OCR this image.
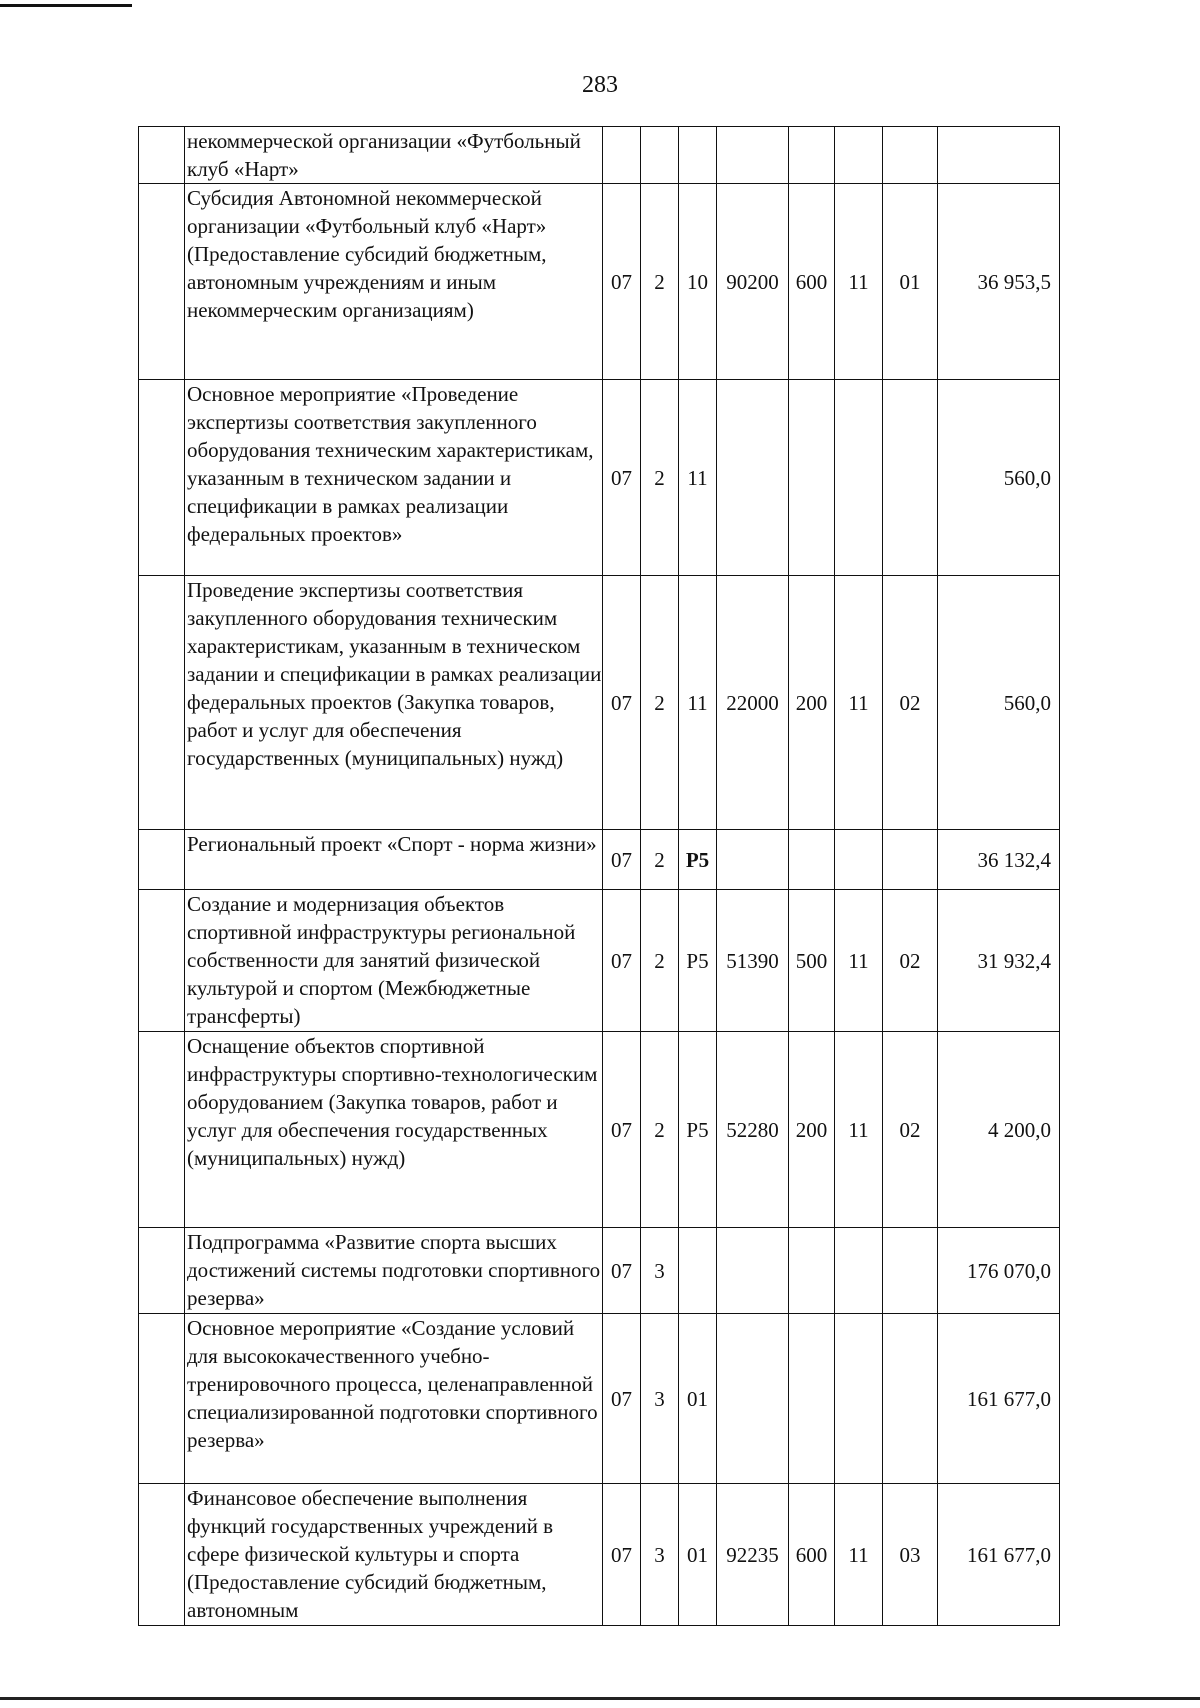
283
	некоммерческой организации «Футбольный клуб «Нарт»								
	Субсидия Автономной некоммерческой организации «Футбольный клуб «Нарт» (Предоставление субсидий бюджетным, автономным учреждениям и иным некоммерческим организациям)	07	2	10	90200	600	11	01	36 953,5
	Основное мероприятие «Проведение экспертизы соответствия закупленного оборудования техническим характеристикам, указанным в техническом задании и спецификации в рамках реализации федеральных проектов»	07	2	11					560,0
	Проведение экспертизы соответствия закупленного оборудования техническим характеристикам, указанным в техническом задании и спецификации в рамках реализации федеральных проектов (Закупка товаров, работ и услуг для обеспечения государственных (муниципальных) нужд)	07	2	11	22000	200	11	02	560,0
	Региональный проект «Спорт - норма жизни»	07	2	P5					36 132,4
	Создание и модернизация объектов спортивной инфраструктуры региональной собственности для занятий физической культурой и спортом (Межбюджетные трансферты)	07	2	P5	51390	500	11	02	31 932,4
	Оснащение объектов спортивной инфраструктуры спортивно-технологическим оборудованием (Закупка товаров, работ и услуг для обеспечения государственных (муниципальных) нужд)	07	2	P5	52280	200	11	02	4 200,0
	Подпрограмма «Развитие спорта высших достижений системы подготовки спортивного резерва»	07	3						176 070,0
	Основное мероприятие «Создание условий для высококачественного учебно-тренировочного процесса, целенаправленной специализированной подготовки спортивного резерва»	07	3	01					161 677,0
	Финансовое обеспечение выполнения функций государственных учреждений в сфере физической культуры и спорта (Предоставление субсидий бюджетным, автономным	07	3	01	92235	600	11	03	161 677,0
